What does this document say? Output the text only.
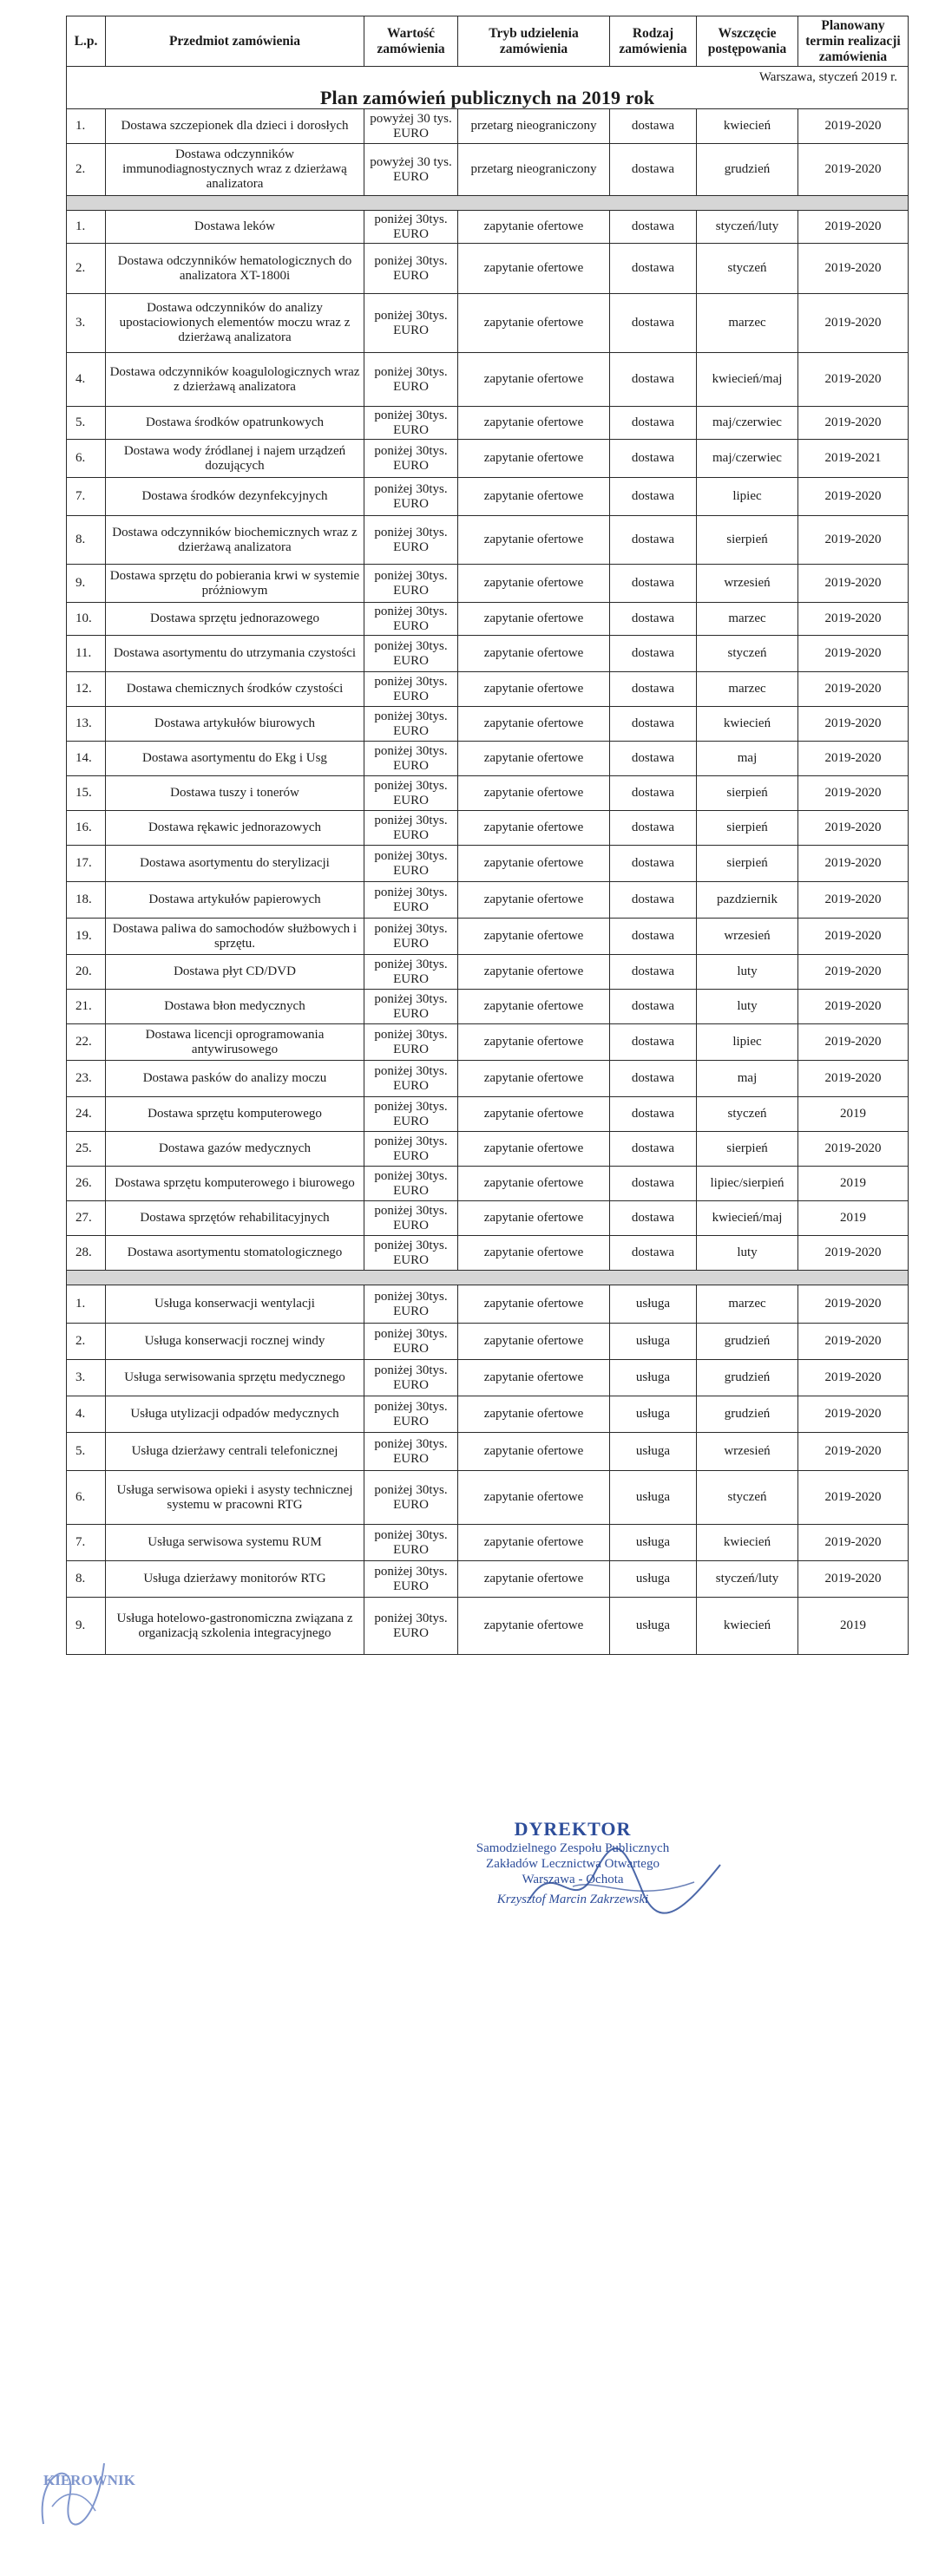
Warszawa, styczeń 2019 r.
Plan zamówień publicznych na 2019 rok						

L.p.	Przedmiot zamówienia	Wartość zamówienia	Tryb udzielenia zamówienia	Rodzaj zamówienia	Wszczęcie postępowania	Planowany termin realizacji zamówienia
1.	Dostawa szczepionek dla dzieci i dorosłych	powyżej 30 tys. EURO	przetarg nieograniczony	dostawa	kwiecień	2019-2020
2.	Dostawa odczynników immunodiagnostycznych wraz z dzierżawą analizatora	powyżej 30 tys. EURO	przetarg nieograniczony	dostawa	grudzień	2019-2020

1.	Dostawa leków	poniżej 30tys. EURO	zapytanie ofertowe	dostawa	styczeń/luty	2019-2020
2.	Dostawa odczynników hematologicznych do analizatora XT-1800i	poniżej 30tys. EURO	zapytanie ofertowe	dostawa	styczeń	2019-2020
3.	Dostawa odczynników do analizy upostaciowionych elementów moczu wraz z dzierżawą analizatora	poniżej 30tys. EURO	zapytanie ofertowe	dostawa	marzec	2019-2020
4.	Dostawa odczynników koagulologicznych wraz z dzierżawą analizatora	poniżej 30tys. EURO	zapytanie ofertowe	dostawa	kwiecień/maj	2019-2020
5.	Dostawa środków opatrunkowych	poniżej 30tys. EURO	zapytanie ofertowe	dostawa	maj/czerwiec	2019-2020
6.	Dostawa wody źródlanej i najem urządzeń dozujących	poniżej 30tys. EURO	zapytanie ofertowe	dostawa	maj/czerwiec	2019-2021
7.	Dostawa środków dezynfekcyjnych	poniżej 30tys. EURO	zapytanie ofertowe	dostawa	lipiec	2019-2020
8.	Dostawa odczynników biochemicznych wraz z dzierżawą analizatora	poniżej 30tys. EURO	zapytanie ofertowe	dostawa	sierpień	2019-2020
9.	Dostawa sprzętu do pobierania krwi w systemie próżniowym	poniżej 30tys. EURO	zapytanie ofertowe	dostawa	wrzesień	2019-2020
10.	Dostawa sprzętu jednorazowego	poniżej 30tys. EURO	zapytanie ofertowe	dostawa	marzec	2019-2020
11.	Dostawa asortymentu do utrzymania czystości	poniżej 30tys. EURO	zapytanie ofertowe	dostawa	styczeń	2019-2020
12.	Dostawa chemicznych środków czystości	poniżej 30tys. EURO	zapytanie ofertowe	dostawa	marzec	2019-2020
13.	Dostawa artykułów biurowych	poniżej 30tys. EURO	zapytanie ofertowe	dostawa	kwiecień	2019-2020
14.	Dostawa asortymentu do Ekg i Usg	poniżej 30tys. EURO	zapytanie ofertowe	dostawa	maj	2019-2020
15.	Dostawa tuszy i tonerów	poniżej 30tys. EURO	zapytanie ofertowe	dostawa	sierpień	2019-2020
16.	Dostawa rękawic jednorazowych	poniżej 30tys. EURO	zapytanie ofertowe	dostawa	sierpień	2019-2020
17.	Dostawa asortymentu do sterylizacji	poniżej 30tys. EURO	zapytanie ofertowe	dostawa	sierpień	2019-2020
18.	Dostawa artykułów papierowych	poniżej 30tys. EURO	zapytanie ofertowe	dostawa	pazdziernik	2019-2020
19.	Dostawa paliwa do samochodów służbowych i sprzętu.	poniżej 30tys. EURO	zapytanie ofertowe	dostawa	wrzesień	2019-2020
20.	Dostawa płyt CD/DVD	poniżej 30tys. EURO	zapytanie ofertowe	dostawa	luty	2019-2020
21.	Dostawa błon medycznych	poniżej 30tys. EURO	zapytanie ofertowe	dostawa	luty	2019-2020
22.	Dostawa licencji oprogramowania antywirusowego	poniżej 30tys. EURO	zapytanie ofertowe	dostawa	lipiec	2019-2020
23.	Dostawa pasków do analizy moczu	poniżej 30tys. EURO	zapytanie ofertowe	dostawa	maj	2019-2020
24.	Dostawa sprzętu komputerowego	poniżej 30tys. EURO	zapytanie ofertowe	dostawa	styczeń	2019
25.	Dostawa gazów medycznych	poniżej 30tys. EURO	zapytanie ofertowe	dostawa	sierpień	2019-2020
26.	Dostawa sprzętu komputerowego i biurowego	poniżej 30tys. EURO	zapytanie ofertowe	dostawa	lipiec/sierpień	2019
27.	Dostawa sprzętów rehabilitacyjnych	poniżej 30tys. EURO	zapytanie ofertowe	dostawa	kwiecień/maj	2019
28.	Dostawa asortymentu stomatologicznego	poniżej 30tys. EURO	zapytanie ofertowe	dostawa	luty	2019-2020

1.	Usługa konserwacji wentylacji	poniżej 30tys. EURO	zapytanie ofertowe	usługa	marzec	2019-2020
2.	Usługa konserwacji rocznej windy	poniżej 30tys. EURO	zapytanie ofertowe	usługa	grudzień	2019-2020
3.	Usługa serwisowania sprzętu medycznego	poniżej 30tys. EURO	zapytanie ofertowe	usługa	grudzień	2019-2020
4.	Usługa utylizacji odpadów medycznych	poniżej 30tys. EURO	zapytanie ofertowe	usługa	grudzień	2019-2020
5.	Usługa dzierżawy centrali telefonicznej	poniżej 30tys. EURO	zapytanie ofertowe	usługa	wrzesień	2019-2020
6.	Usługa serwisowa opieki i asysty technicznej systemu w pracowni RTG	poniżej 30tys. EURO	zapytanie ofertowe	usługa	styczeń	2019-2020
7.	Usługa serwisowa systemu RUM	poniżej 30tys. EURO	zapytanie ofertowe	usługa	kwiecień	2019-2020
8.	Usługa dzierżawy monitorów RTG	poniżej 30tys. EURO	zapytanie ofertowe	usługa	styczeń/luty	2019-2020
9.	Usługa hotelowo-gastronomiczna związana z organizacją szkolenia integracyjnego	poniżej 30tys. EURO	zapytanie ofertowe	usługa	kwiecień	2019
DYREKTOR
Samodzielnego Zespołu Publicznych
Zakładów Lecznictwa Otwartego
Warszawa - Ochota
Krzysztof Marcin Zakrzewski
KIEROWNIK
